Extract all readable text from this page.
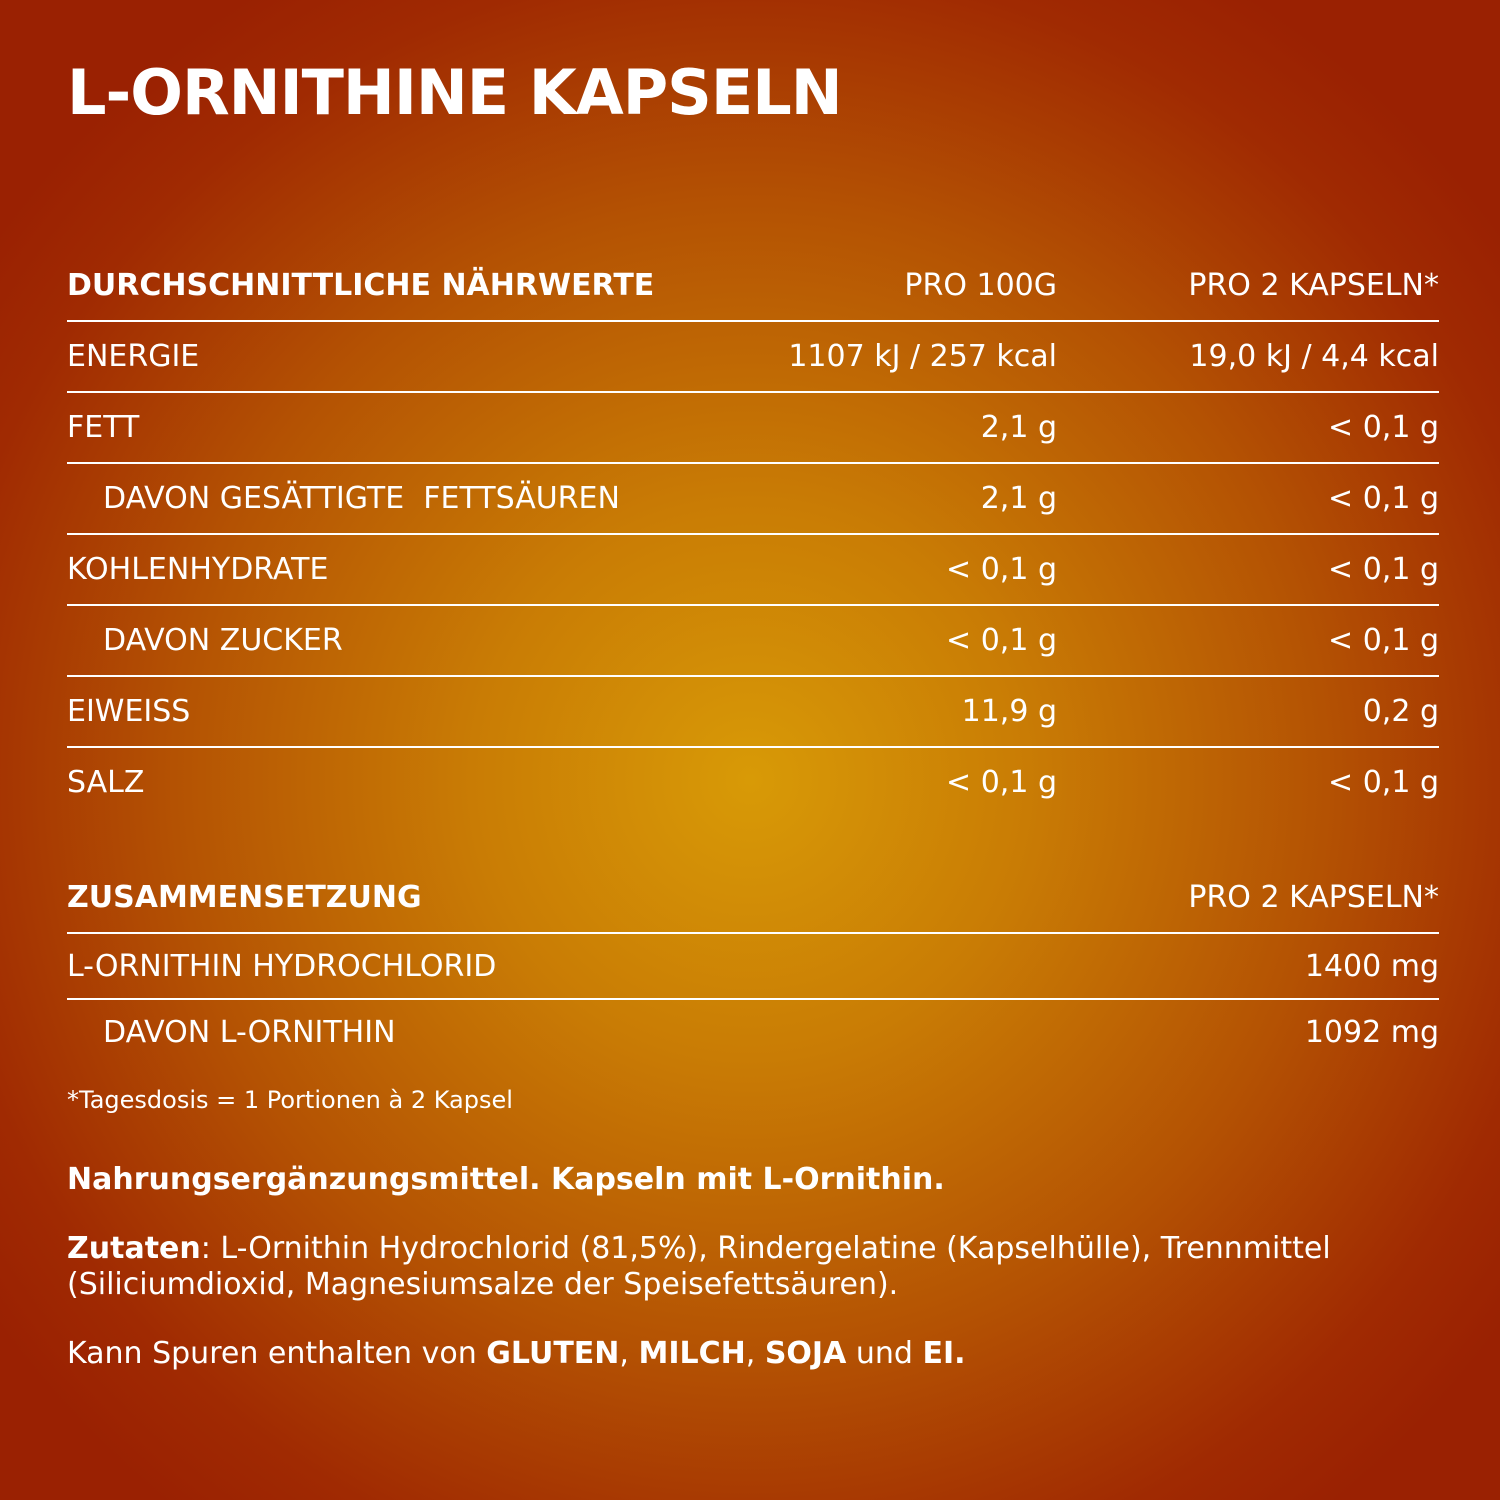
L-ORNITHINE KAPSELN
DURCHSCHNITTLICHE NÄHRWERTE	PRO 100G	PRO 2 KAPSELN*
ENERGIE	1107 kJ / 257 kcal	19,0 kJ / 4,4 kcal
FETT	2,1 g	< 0,1 g
DAVON GESÄTTIGTE  FETTSÄUREN	2,1 g	< 0,1 g
KOHLENHYDRATE	< 0,1 g	< 0,1 g
DAVON ZUCKER	< 0,1 g	< 0,1 g
EIWEISS	11,9 g	0,2 g
SALZ	< 0,1 g	< 0,1 g
ZUSAMMENSETZUNG	PRO 2 KAPSELN*
L-ORNITHIN HYDROCHLORID	1400 mg
DAVON L-ORNITHIN	1092 mg
*Tagesdosis = 1 Portionen à 2 Kapsel

Nahrungsergänzungsmittel. Kapseln mit L-Ornithin.

Zutaten: L-Ornithin Hydrochlorid (81,5%), Rindergelatine (Kapselhülle), Trennmittel (Siliciumdioxid, Magnesiumsalze der Speisefettsäuren).

Kann Spuren enthalten von GLUTEN, MILCH, SOJA und EI.
